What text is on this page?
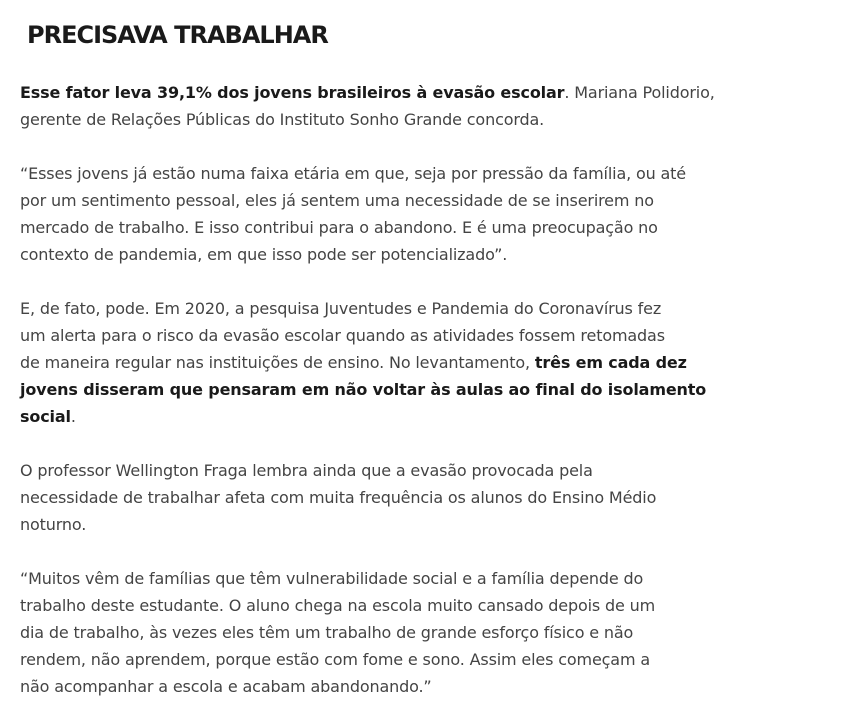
PRECISAVA TRABALHAR

Esse fator leva 39,1% dos jovens brasileiros à evasão escolar. Mariana Polidorio,
gerente de Relações Públicas do Instituto Sonho Grande concorda.

“Esses jovens já estão numa faixa etária em que, seja por pressão da família, ou até
por um sentimento pessoal, eles já sentem uma necessidade de se inserirem no
mercado de trabalho. E isso contribui para o abandono. E é uma preocupação no
contexto de pandemia, em que isso pode ser potencializado”.

E, de fato, pode. Em 2020, a pesquisa Juventudes e Pandemia do Coronavírus fez
um alerta para o risco da evasão escolar quando as atividades fossem retomadas
de maneira regular nas instituições de ensino. No levantamento, três em cada dez
jovens disseram que pensaram em não voltar às aulas ao final do isolamento
social.

O professor Wellington Fraga lembra ainda que a evasão provocada pela
necessidade de trabalhar afeta com muita frequência os alunos do Ensino Médio
noturno.

“Muitos vêm de famílias que têm vulnerabilidade social e a família depende do
trabalho deste estudante. O aluno chega na escola muito cansado depois de um
dia de trabalho, às vezes eles têm um trabalho de grande esforço físico e não
rendem, não aprendem, porque estão com fome e sono. Assim eles começam a
não acompanhar a escola e acabam abandonando.”
